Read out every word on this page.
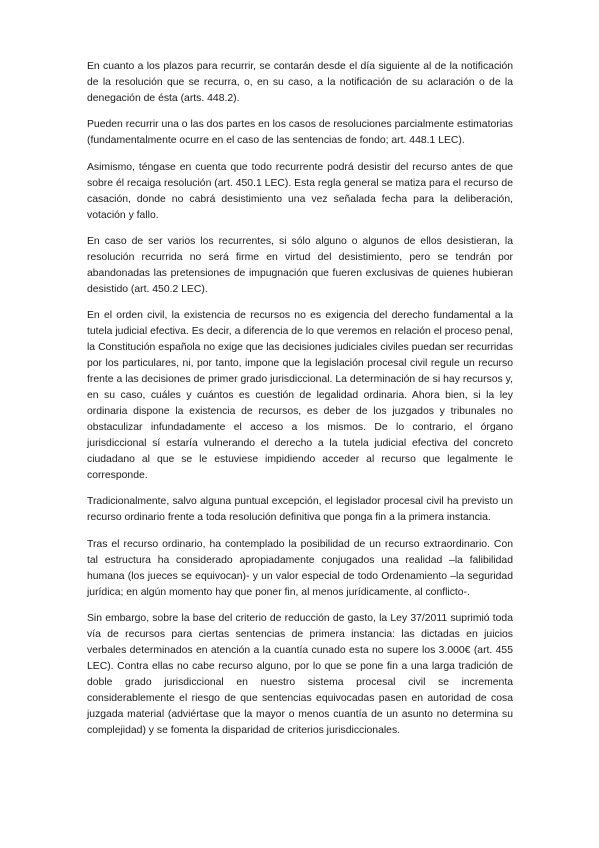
En cuanto a los plazos para recurrir, se contarán desde el día siguiente al de la notificación de la resolución que se recurra, o, en su caso, a la notificación de su aclaración o de la denegación de ésta (arts. 448.2).

Pueden recurrir una o las dos partes en los casos de resoluciones parcialmente estimatorias (fundamentalmente ocurre en el caso de las sentencias de fondo; art. 448.1 LEC).

Asimismo, téngase en cuenta que todo recurrente podrá desistir del recurso antes de que sobre él recaiga resolución (art. 450.1 LEC). Esta regla general se matiza para el recurso de casación, donde no cabrá desistimiento una vez señalada fecha para la deliberación, votación y fallo.

En caso de ser varios los recurrentes, si sólo alguno o algunos de ellos desistieran, la resolución recurrida no será firme en virtud del desistimiento, pero se tendrán por abandonadas las pretensiones de impugnación que fueren exclusivas de quienes hubieran desistido (art. 450.2 LEC).

En el orden civil, la existencia de recursos no es exigencia del derecho fundamental a la tutela judicial efectiva. Es decir, a diferencia de lo que veremos en relación el proceso penal, la Constitución española no exige que las decisiones judiciales civiles puedan ser recurridas por los particulares, ni, por tanto, impone que la legislación procesal civil regule un recurso frente a las decisiones de primer grado jurisdiccional. La determinación de si hay recursos y, en su caso, cuáles y cuántos es cuestión de legalidad ordinaria. Ahora bien, si la ley ordinaria dispone la existencia de recursos, es deber de los juzgados y tribunales no obstaculizar infundadamente el acceso a los mismos. De lo contrario, el órgano jurisdiccional sí estaría vulnerando el derecho a la tutela judicial efectiva del concreto ciudadano al que se le estuviese impidiendo acceder al recurso que legalmente le corresponde.

Tradicionalmente, salvo alguna puntual excepción, el legislador procesal civil ha previsto un recurso ordinario frente a toda resolución definitiva que ponga fin a la primera instancia.

Tras el recurso ordinario, ha contemplado la posibilidad de un recurso extraordinario. Con tal estructura ha considerado apropiadamente conjugados una realidad –la falibilidad humana (los jueces se equivocan)- y un valor especial de todo Ordenamiento –la seguridad jurídica; en algún momento hay que poner fin, al menos jurídicamente, al conflicto-.

Sin embargo, sobre la base del criterio de reducción de gasto, la Ley 37/2011 suprimió toda vía de recursos para ciertas sentencias de primera instancia: las dictadas en juicios verbales determinados en atención a la cuantía cunado esta no supere los 3.000€ (art. 455 LEC). Contra ellas no cabe recurso alguno, por lo que se pone fin a una larga tradición de doble grado jurisdiccional en nuestro sistema procesal civil se incrementa considerablemente el riesgo de que sentencias equivocadas pasen en autoridad de cosa juzgada material (adviértase que la mayor o menos cuantía de un asunto no determina su complejidad) y se fomenta la disparidad de criterios jurisdiccionales.
